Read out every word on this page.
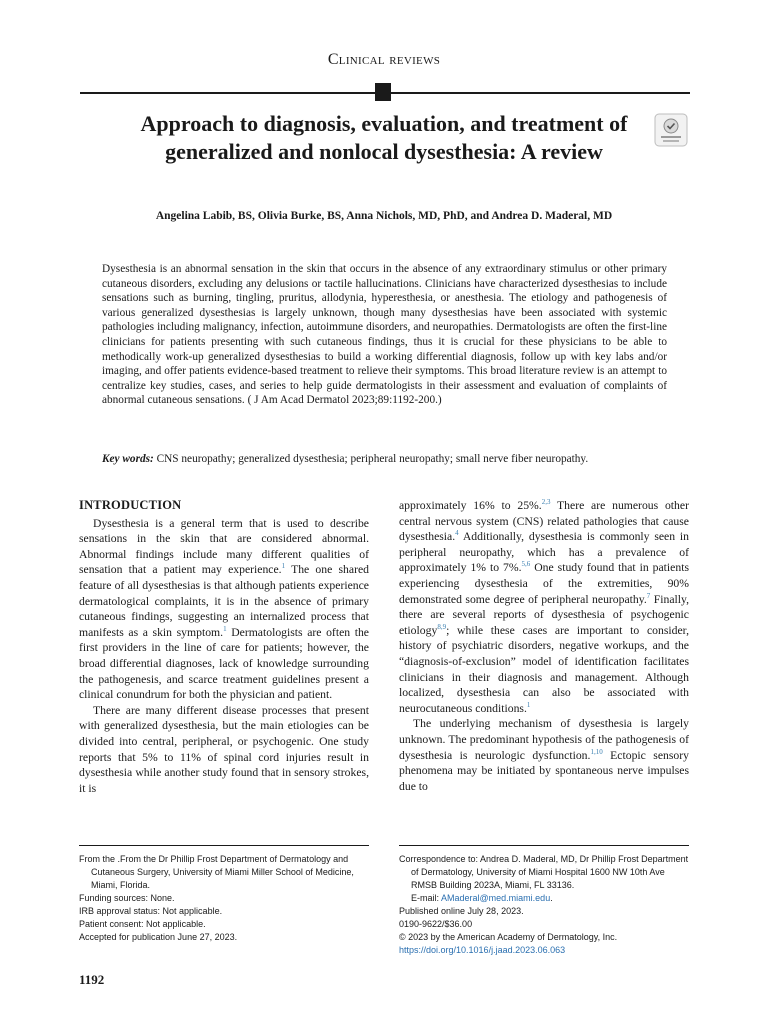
Clinical reviews
Approach to diagnosis, evaluation, and treatment of generalized and nonlocal dysesthesia: A review
Angelina Labib, BS, Olivia Burke, BS, Anna Nichols, MD, PhD, and Andrea D. Maderal, MD
Dysesthesia is an abnormal sensation in the skin that occurs in the absence of any extraordinary stimulus or other primary cutaneous disorders, excluding any delusions or tactile hallucinations. Clinicians have characterized dysesthesias to include sensations such as burning, tingling, pruritus, allodynia, hyperesthesia, or anesthesia. The etiology and pathogenesis of various generalized dysesthesias is largely unknown, though many dysesthesias have been associated with systemic pathologies including malignancy, infection, autoimmune disorders, and neuropathies. Dermatologists are often the first-line clinicians for patients presenting with such cutaneous findings, thus it is crucial for these physicians to be able to methodically work-up generalized dysesthesias to build a working differential diagnosis, follow up with key labs and/or imaging, and offer patients evidence-based treatment to relieve their symptoms. This broad literature review is an attempt to centralize key studies, cases, and series to help guide dermatologists in their assessment and evaluation of complaints of abnormal cutaneous sensations. ( J Am Acad Dermatol 2023;89:1192-200.)
Key words: CNS neuropathy; generalized dysesthesia; peripheral neuropathy; small nerve fiber neuropathy.
INTRODUCTION

Dysesthesia is a general term that is used to describe sensations in the skin that are considered abnormal. Abnormal findings include many different qualities of sensation that a patient may experience.$^1$ The one shared feature of all dysesthesias is that although patients experience dermatological complaints, it is in the absence of primary cutaneous findings, suggesting an internalized process that manifests as a skin symptom.$^1$ Dermatologists are often the first providers in the line of care for patients; however, the broad differential diagnoses, lack of knowledge surrounding the pathogenesis, and scarce treatment guidelines present a clinical conundrum for both the physician and patient.

There are many different disease processes that present with generalized dysesthesia, but the main etiologies can be divided into central, peripheral, or psychogenic. One study reports that 5% to 11% of spinal cord injuries result in dysesthesia while another study found that in sensory strokes, it is

approximately 16% to 25%.$^{2,3}$ There are numerous other central nervous system (CNS) related pathologies that cause dysesthesia.$^4$ Additionally, dysesthesia is commonly seen in peripheral neuropathy, which has a prevalence of approximately 1% to 7%.$^{5,6}$ One study found that in patients experiencing dysesthesia of the extremities, 90% demonstrated some degree of peripheral neuropathy.$^7$ Finally, there are several reports of dysesthesia of psychogenic etiology$^{8,9}$; while these cases are important to consider, history of psychiatric disorders, negative workups, and the “diagnosis-of-exclusion” model of identification facilitates clinicians in their diagnosis and management. Although localized, dysesthesia can also be associated with neurocutaneous conditions.$^1$

The underlying mechanism of dysesthesia is largely unknown. The predominant hypothesis of the pathogenesis of dysesthesia is neurologic dysfunction.$^{1,10}$ Ectopic sensory phenomena may be initiated by spontaneous nerve impulses due to

From the .From the Dr Phillip Frost Department of Dermatology and Cutaneous Surgery, University of Miami Miller School of Medicine, Miami, Florida.
Funding sources: None.
IRB approval status: Not applicable.
Patient consent: Not applicable.
Accepted for publication June 27, 2023.
Correspondence to: Andrea D. Maderal, MD, Dr Phillip Frost Department of Dermatology, University of Miami Hospital 1600 NW 10th Ave RMSB Building 2023A, Miami, FL 33136.
E-mail: AMaderal@med.miami.edu.
Published online July 28, 2023.
0190-9622/$36.00
© 2023 by the American Academy of Dermatology, Inc.
https://doi.org/10.1016/j.jaad.2023.06.063
1192
